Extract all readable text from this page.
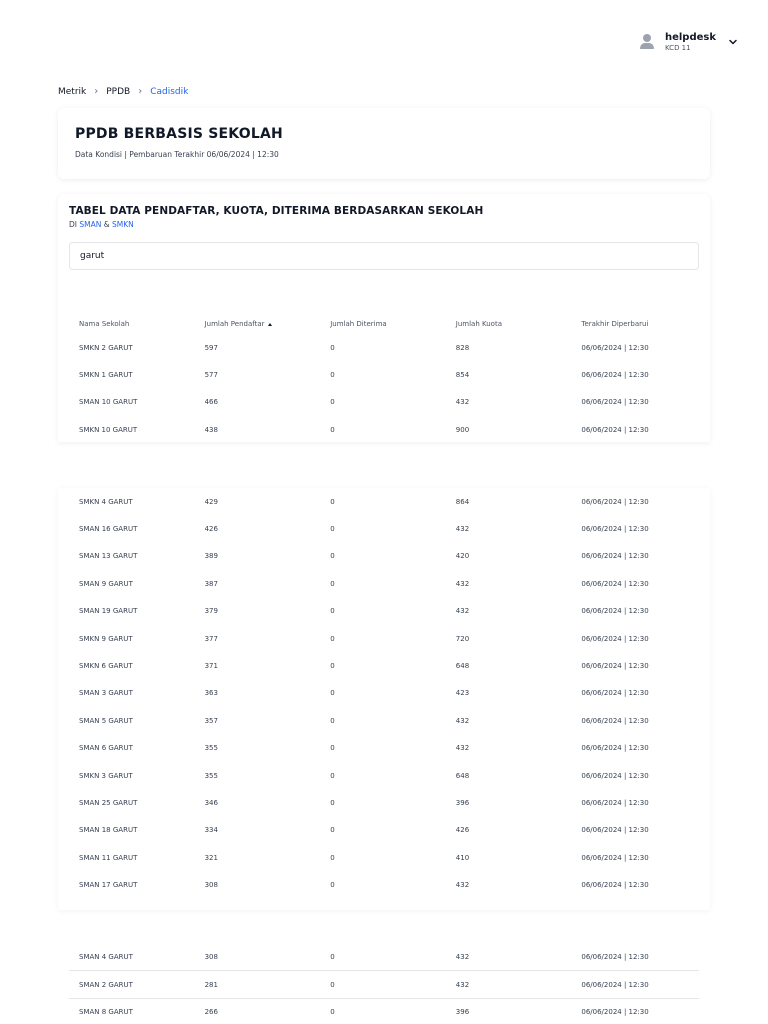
helpdesk
KCD 11
Metrik › PPDB › Cadisdik
PPDB BERBASIS SEKOLAH

Data Kondisi | Pembaruan Terakhir 06/06/2024 | 12:30

TABEL DATA PENDAFTAR, KUOTA, DITERIMA BERDASARKAN SEKOLAH

DI SMAN & SMKN

garut
Nama Sekolah	Jumlah Pendaftar	Jumlah Diterima	Jumlah Kuota	Terakhir Diperbarui
SMKN 2 GARUT	597	0	828	06/06/2024 | 12:30
SMKN 1 GARUT	577	0	854	06/06/2024 | 12:30
SMAN 10 GARUT	466	0	432	06/06/2024 | 12:30
SMKN 10 GARUT	438	0	900	06/06/2024 | 12:30
SMKN 4 GARUT	429	0	864	06/06/2024 | 12:30
SMAN 16 GARUT	426	0	432	06/06/2024 | 12:30
SMAN 13 GARUT	389	0	420	06/06/2024 | 12:30
SMAN 9 GARUT	387	0	432	06/06/2024 | 12:30
SMAN 19 GARUT	379	0	432	06/06/2024 | 12:30
SMKN 9 GARUT	377	0	720	06/06/2024 | 12:30
SMKN 6 GARUT	371	0	648	06/06/2024 | 12:30
SMAN 3 GARUT	363	0	423	06/06/2024 | 12:30
SMAN 5 GARUT	357	0	432	06/06/2024 | 12:30
SMAN 6 GARUT	355	0	432	06/06/2024 | 12:30
SMKN 3 GARUT	355	0	648	06/06/2024 | 12:30
SMAN 25 GARUT	346	0	396	06/06/2024 | 12:30
SMAN 18 GARUT	334	0	426	06/06/2024 | 12:30
SMAN 11 GARUT	321	0	410	06/06/2024 | 12:30
SMAN 17 GARUT	308	0	432	06/06/2024 | 12:30
SMAN 4 GARUT	308	0	432	06/06/2024 | 12:30
SMAN 2 GARUT	281	0	432	06/06/2024 | 12:30
SMAN 8 GARUT	266	0	396	06/06/2024 | 12:30
